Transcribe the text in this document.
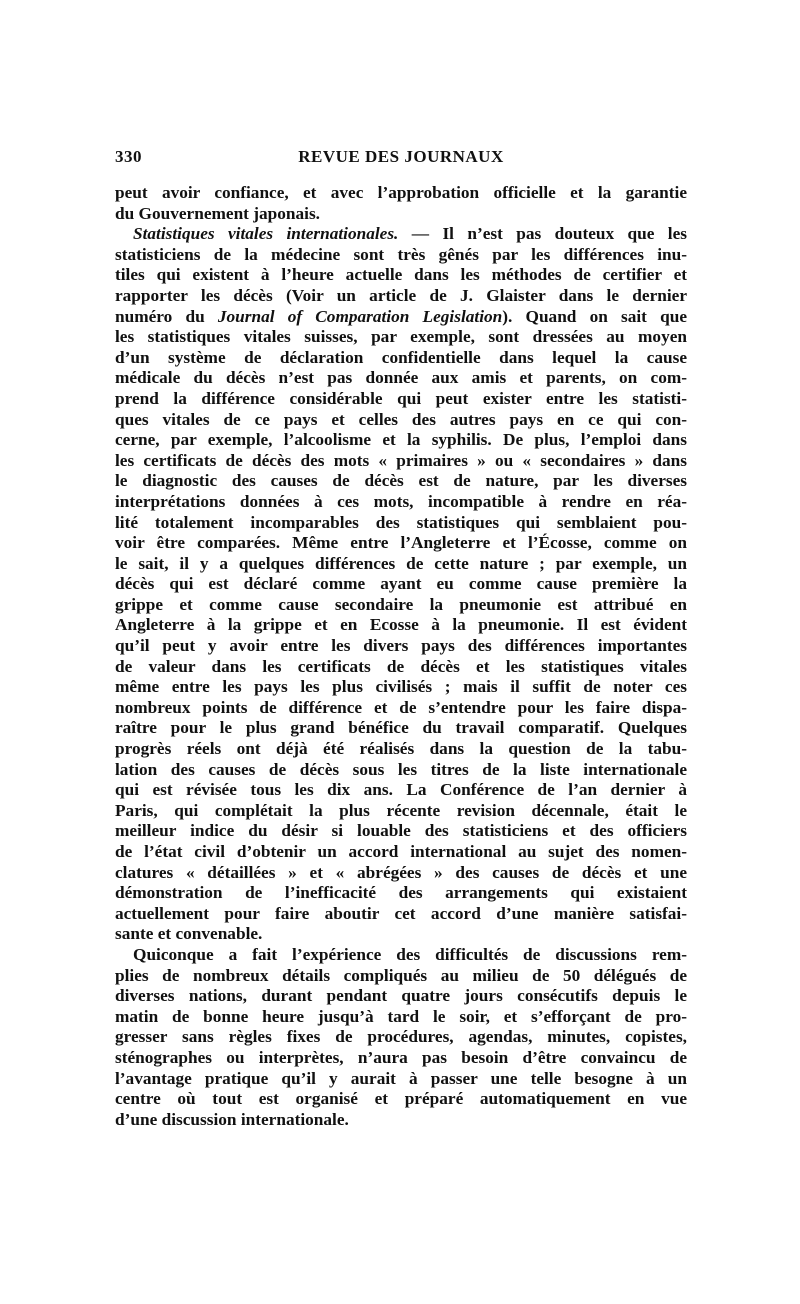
330	REVUE DES JOURNAUX
peut avoir confiance, et avec l’approbation officielle et la garantie
du Gouvernement japonais.
Statistiques vitales internationales. — Il n’est pas douteux que les
statisticiens de la médecine sont très gênés par les différences inu-
tiles qui existent à l’heure actuelle dans les méthodes de certifier et
rapporter les décès (Voir un article de J. Glaister dans le dernier
numéro du Journal of Comparation Legislation). Quand on sait que
les statistiques vitales suisses, par exemple, sont dressées au moyen
d’un système de déclaration confidentielle dans lequel la cause
médicale du décès n’est pas donnée aux amis et parents, on com-
prend la différence considérable qui peut exister entre les statisti-
ques vitales de ce pays et celles des autres pays en ce qui con-
cerne, par exemple, l’alcoolisme et la syphilis. De plus, l’emploi dans
les certificats de décès des mots « primaires » ou « secondaires » dans
le diagnostic des causes de décès est de nature, par les diverses
interprétations données à ces mots, incompatible à rendre en réa-
lité totalement incomparables des statistiques qui semblaient pou-
voir être comparées. Même entre l’Angleterre et l’Écosse, comme on
le sait, il y a quelques différences de cette nature ; par exemple, un
décès qui est déclaré comme ayant eu comme cause première la
grippe et comme cause secondaire la pneumonie est attribué en
Angleterre à la grippe et en Ecosse à la pneumonie. Il est évident
qu’il peut y avoir entre les divers pays des différences importantes
de valeur dans les certificats de décès et les statistiques vitales
même entre les pays les plus civilisés ; mais il suffit de noter ces
nombreux points de différence et de s’entendre pour les faire dispa-
raître pour le plus grand bénéfice du travail comparatif. Quelques
progrès réels ont déjà été réalisés dans la question de la tabu-
lation des causes de décès sous les titres de la liste internationale
qui est révisée tous les dix ans. La Conférence de l’an dernier à
Paris, qui complétait la plus récente revision décennale, était le
meilleur indice du désir si louable des statisticiens et des officiers
de l’état civil d’obtenir un accord international au sujet des nomen-
clatures « détaillées » et « abrégées » des causes de décès et une
démonstration de l’inefficacité des arrangements qui existaient
actuellement pour faire aboutir cet accord d’une manière satisfai-
sante et convenable.
Quiconque a fait l’expérience des difficultés de discussions rem-
plies de nombreux détails compliqués au milieu de 50 délégués de
diverses nations, durant pendant quatre jours consécutifs depuis le
matin de bonne heure jusqu’à tard le soir, et s’efforçant de pro-
gresser sans règles fixes de procédures, agendas, minutes, copistes,
sténographes ou interprètes, n’aura pas besoin d’être convaincu de
l’avantage pratique qu’il y aurait à passer une telle besogne à un
centre où tout est organisé et préparé automatiquement en vue
d’une discussion internationale.
